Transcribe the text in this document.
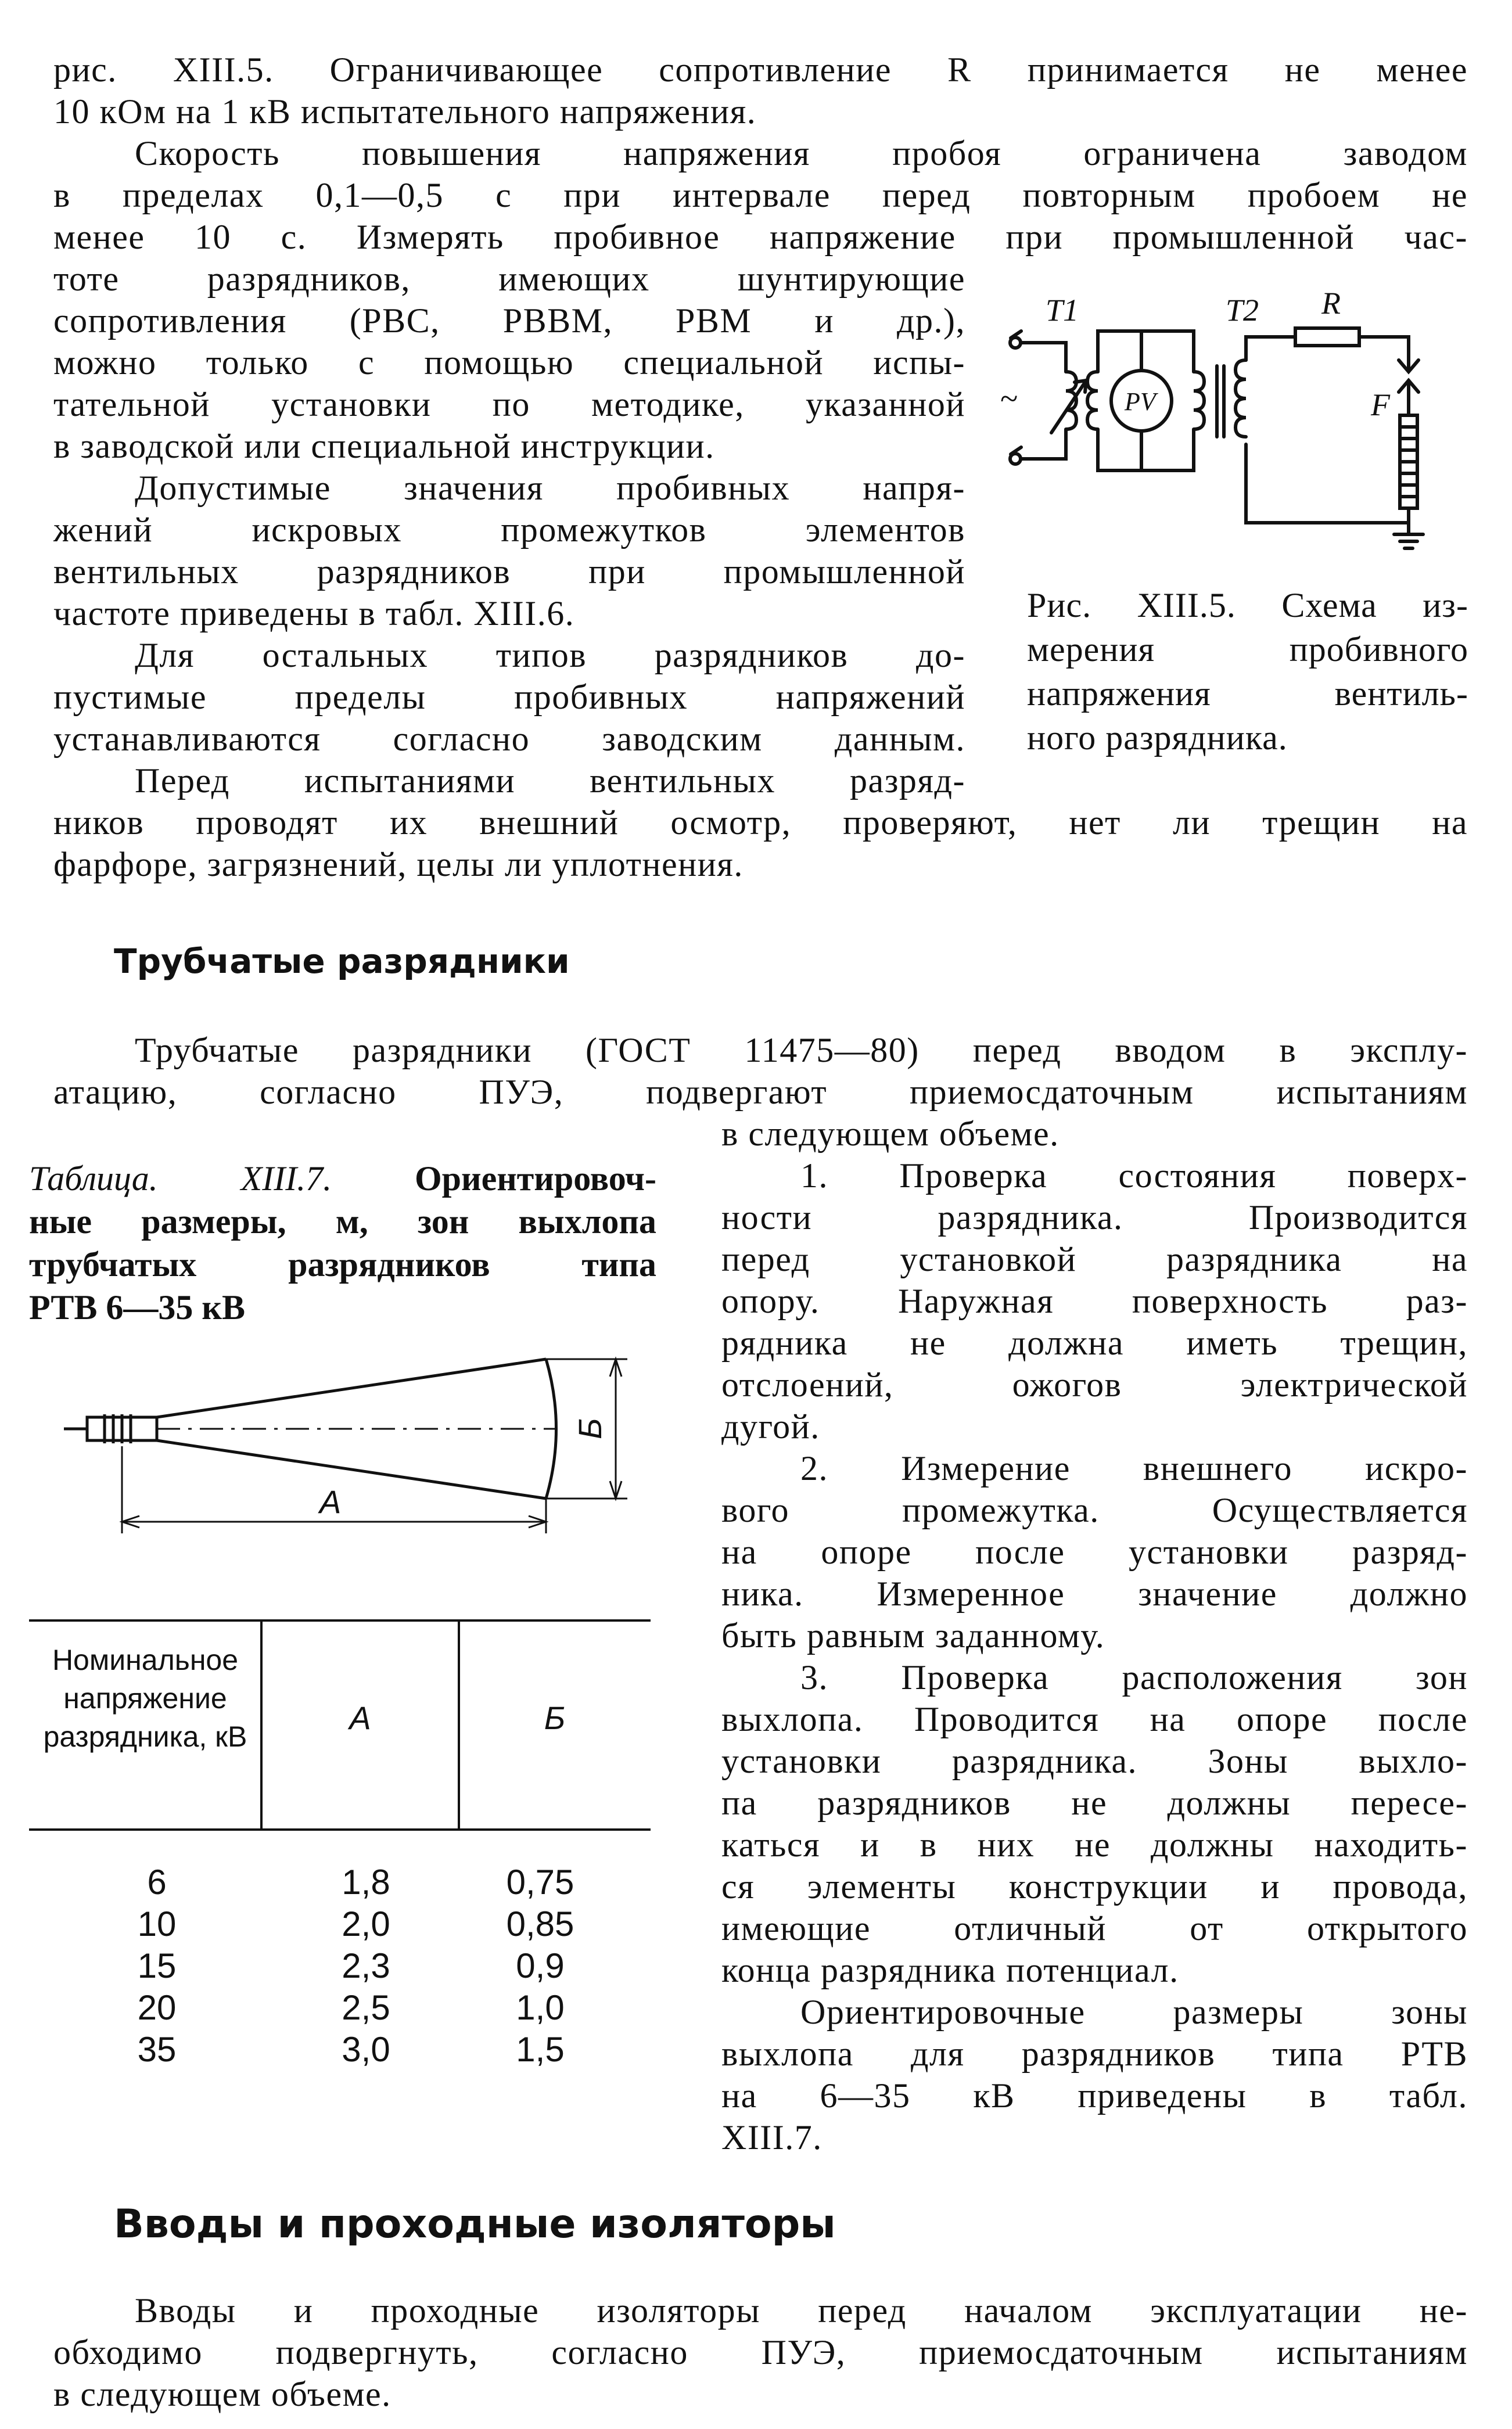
рис. XIII.5. Ограничивающее сопротивление R принимается не менее
10 кОм на 1 кВ испытательного напряжения.
Скорость повышения напряжения пробоя ограничена заводом
в пределах 0,1—0,5 с при интервале перед повторным пробоем не
менее 10 с. Измерять пробивное напряжение при промышленной час-
тоте разрядников, имеющих шунтирующие
сопротивления (РВС, РВВМ, РВМ и др.),
можно только с помощью специальной испы-
тательной установки по методике, указанной
в заводской или специальной инструкции.
Допустимые значения пробивных напря-
жений искровых промежутков элементов
вентильных разрядников при промышленной
частоте приведены в табл. XIII.6.
Для остальных типов разрядников до-
пустимые пределы пробивных напряжений
устанавливаются согласно заводским данным.
Перед испытаниями вентильных разряд-
ников проводят их внешний осмотр, проверяют, нет ли трещин на
фарфоре, загрязнений, целы ли уплотнения.
T1	T2 R
F
PV
~
Рис. XIII.5. Схема из-
мерения пробивного
напряжения вентиль-
ного разрядника.
Трубчатые разрядники
Трубчатые разрядники (ГОСТ 11475—80) перед вводом в эксплу-
атацию, согласно ПУЭ, подвергают приемосдаточным испытаниям
в следующем объеме.
Таблица. XIII.7. Ориентировоч-
ные размеры, м, зон выхлопа
трубчатых разрядников типа
РТВ 6—35 кВ
А
Б
Номинальное напряжение разрядника, кВ
А	Б
6	1,8	0,75
10	2,0	0,85
15	2,3	0,9
20	2,5	1,0
35	3,0	1,5
1. Проверка состояния поверх-
ности разрядника. Производится
перед установкой разрядника на
опору. Наружная поверхность раз-
рядника не должна иметь трещин,
отслоений, ожогов электрической
дугой.
2. Измерение внешнего искро-
вого промежутка. Осуществляется
на опоре после установки разряд-
ника. Измеренное значение должно
быть равным заданному.
3. Проверка расположения зон
выхлопа. Проводится на опоре после
установки разрядника. Зоны выхло-
па разрядников не должны пересе-
каться и в них не должны находить-
ся элементы конструкции и провода,
имеющие отличный от открытого
конца разрядника потенциал.
Ориентировочные размеры зоны
выхлопа для разрядников типа РТВ
на 6—35 кВ приведены в табл.
XIII.7.
Вводы и проходные изоляторы
Вводы и проходные изоляторы перед началом эксплуатации не-
обходимо подвергнуть, согласно ПУЭ, приемосдаточным испытаниям
в следующем объеме.
